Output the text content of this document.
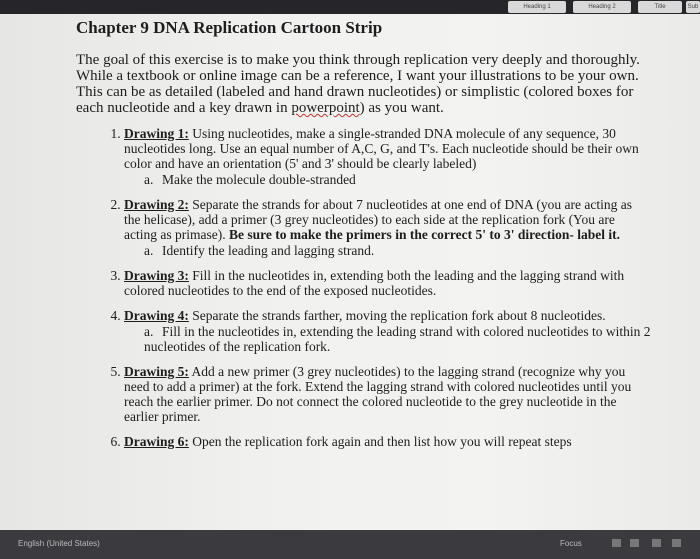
Heading 1	Heading 2	Title	Sub
Chapter 9 DNA Replication Cartoon Strip

The goal of this exercise is to make you think through replication very deeply and thoroughly. While a textbook or online image can be a reference, I want your illustrations to be your own. This can be as detailed (labeled and hand drawn nucleotides) or simplistic (colored boxes for each nucleotide and a key drawn in powerpoint) as you want.

1. Drawing 1: Using nucleotides, make a single-stranded DNA molecule of any sequence, 30 nucleotides long. Use an equal number of A,C, G, and T's. Each nucleotide should be their own color and have an orientation (5' and 3' should be clearly labeled)
a. Make the molecule double-stranded
2. Drawing 2: Separate the strands for about 7 nucleotides at one end of DNA (you are acting as the helicase), add a primer (3 grey nucleotides) to each side at the replication fork (You are acting as primase). Be sure to make the primers in the correct 5' to 3' direction- label it.
a. Identify the leading and lagging strand.
3. Drawing 3: Fill in the nucleotides in, extending both the leading and the lagging strand with colored nucleotides to the end of the exposed nucleotides.
4. Drawing 4: Separate the strands farther, moving the replication fork about 8 nucleotides.
a. Fill in the nucleotides in, extending the leading strand with colored nucleotides to within 2 nucleotides of the replication fork.
5. Drawing 5: Add a new primer (3 grey nucleotides) to the lagging strand (recognize why you need to add a primer) at the fork. Extend the lagging strand with colored nucleotides until you reach the earlier primer. Do not connect the colored nucleotide to the grey nucleotide in the earlier primer.
6. Drawing 6: Open the replication fork again and then list how you will repeat steps
English (United States)	Focus
